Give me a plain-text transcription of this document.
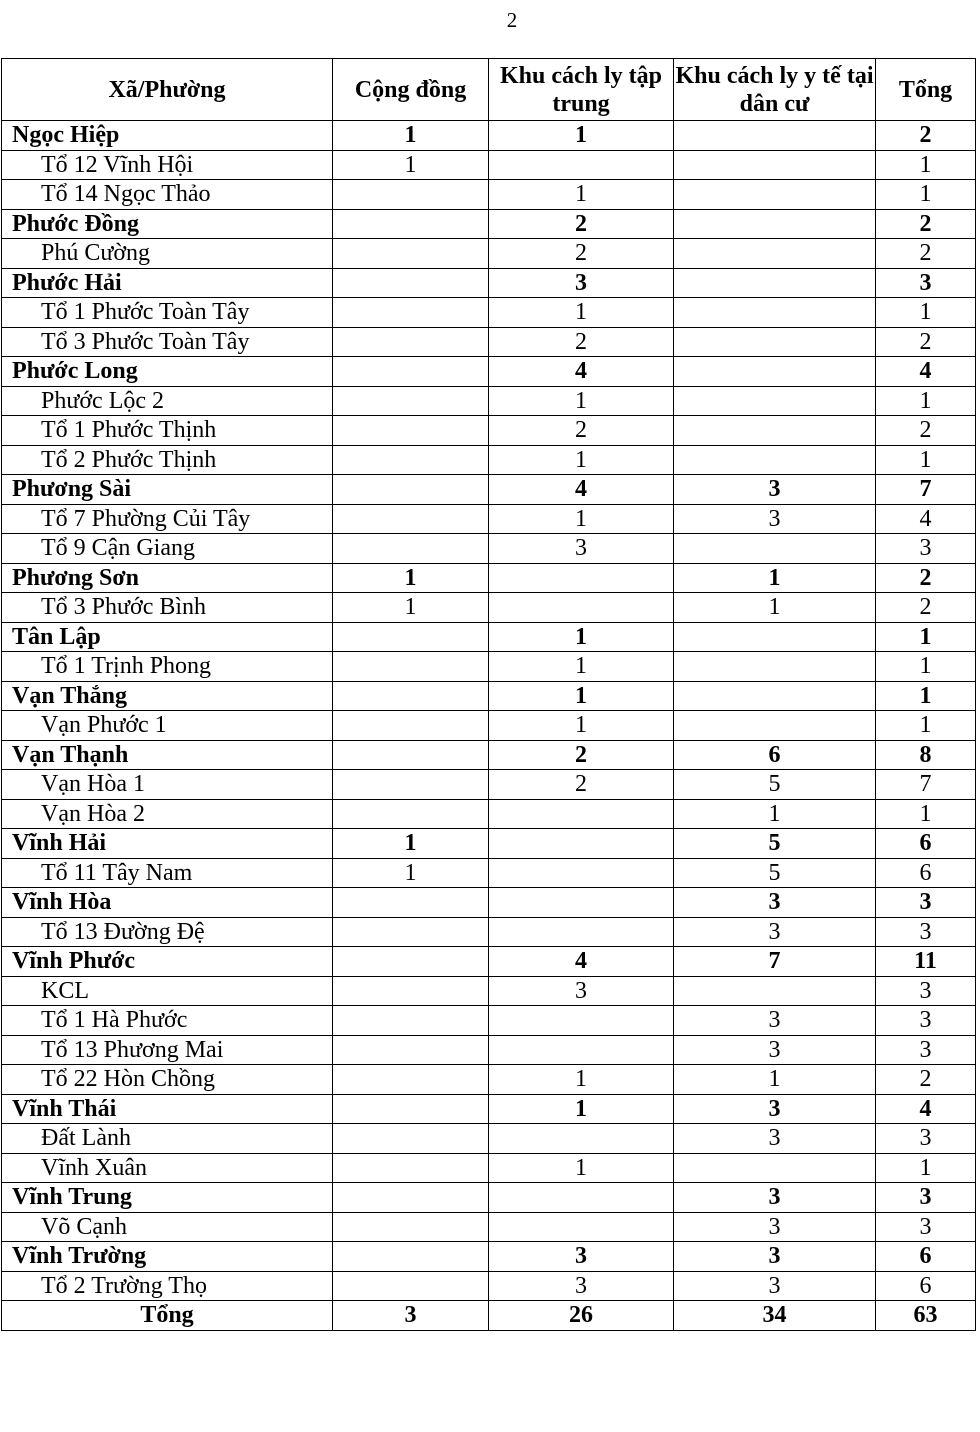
2
Xã/Phường	Cộng đồng	Khu cách ly tập trung	Khu cách ly y tế tại dân cư	Tổng
Ngọc Hiệp	1	1		2
Tổ 12 Vĩnh Hội	1			1
Tổ 14 Ngọc Thảo		1		1
Phước Đồng		2		2
Phú Cường		2		2
Phước Hải		3		3
Tổ 1 Phước Toàn Tây		1		1
Tổ 3 Phước Toàn Tây		2		2
Phước Long		4		4
Phước Lộc 2		1		1
Tổ 1 Phước Thịnh		2		2
Tổ 2 Phước Thịnh		1		1
Phương Sài		4	3	7
Tổ 7 Phường Củi Tây		1	3	4
Tổ 9 Cận Giang		3		3
Phương Sơn	1		1	2
Tổ 3 Phước Bình	1		1	2
Tân Lập		1		1
Tổ 1 Trịnh Phong		1		1
Vạn Thắng		1		1
Vạn Phước 1		1		1
Vạn Thạnh		2	6	8
Vạn Hòa 1		2	5	7
Vạn Hòa 2			1	1
Vĩnh Hải	1		5	6
Tổ 11 Tây Nam	1		5	6
Vĩnh Hòa			3	3
Tổ 13 Đường Đệ			3	3
Vĩnh Phước		4	7	11
KCL		3		3
Tổ 1 Hà Phước			3	3
Tổ 13 Phương Mai			3	3
Tổ 22 Hòn Chồng		1	1	2
Vĩnh Thái		1	3	4
Đất Lành			3	3
Vĩnh Xuân		1		1
Vĩnh Trung			3	3
Võ Cạnh			3	3
Vĩnh Trường		3	3	6
Tổ 2 Trường Thọ		3	3	6
Tổng	3	26	34	63
